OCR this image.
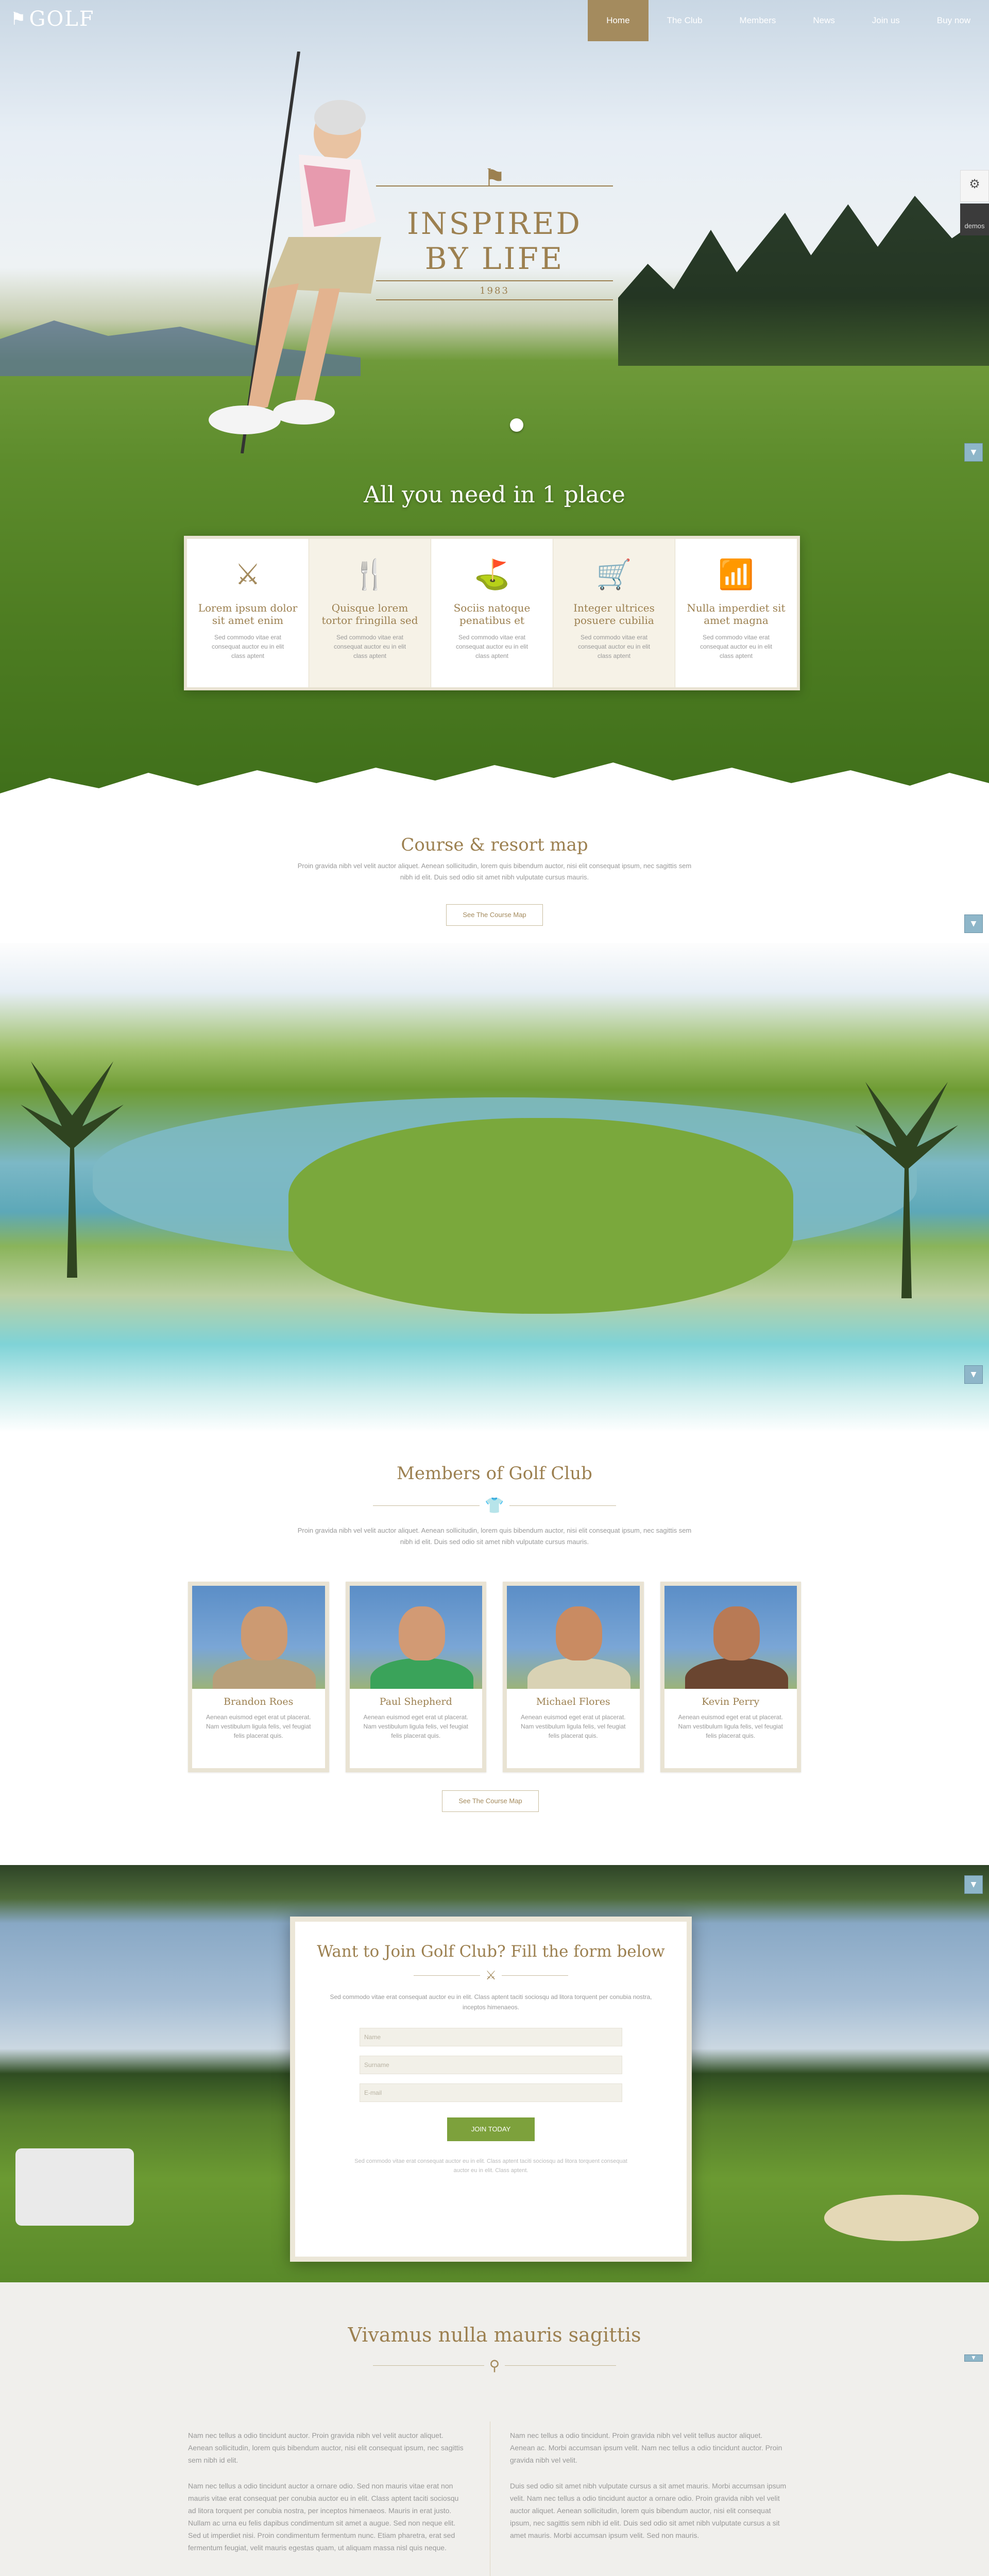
⚑ GOLF	Home	The Club	Members	News	Join us	Buy now
⚑
INSPIRED
BY LIFE
1983
All you need in 1 place
⚔
Lorem ipsum dolor sit amet enim
Sed commodo vitae erat consequat auctor eu in elit class aptent
🍴
Quisque lorem tortor fringilla sed
Sed commodo vitae erat consequat auctor eu in elit class aptent
⛳
Sociis natoque penatibus et
Sed commodo vitae erat consequat auctor eu in elit class aptent
🛒
Integer ultrices posuere cubilia
Sed commodo vitae erat consequat auctor eu in elit class aptent
📶
Nulla imperdiet sit amet magna
Sed commodo vitae erat consequat auctor eu in elit class aptent
⚙
demos
▼
Course & resort map
Proin gravida nibh vel velit auctor aliquet. Aenean sollicitudin, lorem quis bibendum auctor, nisi elit consequat ipsum, nec sagittis sem nibh id elit. Duis sed odio sit amet nibh vulputate cursus mauris.
See The Course Map
▼
▼
Members of Golf Club
👕
Proin gravida nibh vel velit auctor aliquet. Aenean sollicitudin, lorem quis bibendum auctor, nisi elit consequat ipsum, nec sagittis sem nibh id elit. Duis sed odio sit amet nibh vulputate cursus mauris.
Brandon Roes
Aenean euismod eget erat ut placerat. Nam vestibulum ligula felis, vel feugiat felis placerat quis.
Paul Shepherd
Aenean euismod eget erat ut placerat. Nam vestibulum ligula felis, vel feugiat felis placerat quis.
Michael Flores
Aenean euismod eget erat ut placerat. Nam vestibulum ligula felis, vel feugiat felis placerat quis.
Kevin Perry
Aenean euismod eget erat ut placerat. Nam vestibulum ligula felis, vel feugiat felis placerat quis.
See The Course Map
▼
Want to Join Golf Club? Fill the form below
⚔
Sed commodo vitae erat consequat auctor eu in elit. Class aptent taciti sociosqu ad litora torquent per conubia nostra, inceptos himenaeos.
Name
Surname
E-mail
JOIN TODAY
Sed commodo vitae erat consequat auctor eu in elit. Class aptent taciti sociosqu ad litora torquent consequat auctor eu in elit. Class aptent.
Vivamus nulla mauris sagittis
⚲

Nam nec tellus a odio tincidunt auctor. Proin gravida nibh vel velit auctor aliquet. Aenean sollicitudin, lorem quis bibendum auctor, nisi elit consequat ipsum, nec sagittis sem nibh id elit.

Nam nec tellus a odio tincidunt auctor a ornare odio. Sed non mauris vitae erat non mauris vitae erat consequat per conubia auctor eu in elit. Class aptent taciti sociosqu ad litora torquent per conubia nostra, per inceptos himenaeos. Mauris in erat justo. Nullam ac urna eu felis dapibus condimentum sit amet a augue. Sed non neque elit. Sed ut imperdiet nisi. Proin condimentum fermentum nunc. Etiam pharetra, erat sed fermentum feugiat, velit mauris egestas quam, ut aliquam massa nisl quis neque.

Nam nec tellus a odio tincidunt. Proin gravida nibh vel velit tellus auctor aliquet. Aenean ac. Morbi accumsan ipsum velit. Nam nec tellus a odio tincidunt auctor. Proin gravida nibh vel velit.

Duis sed odio sit amet nibh vulputate cursus a sit amet mauris. Morbi accumsan ipsum velit. Nam nec tellus a odio tincidunt auctor a ornare odio. Proin gravida nibh vel velit auctor aliquet. Aenean sollicitudin, lorem quis bibendum auctor, nisi elit consequat ipsum, nec sagittis sem nibh id elit. Duis sed odio sit amet nibh vulputate cursus a sit amet mauris. Morbi accumsan ipsum velit. Sed non mauris.

▼
